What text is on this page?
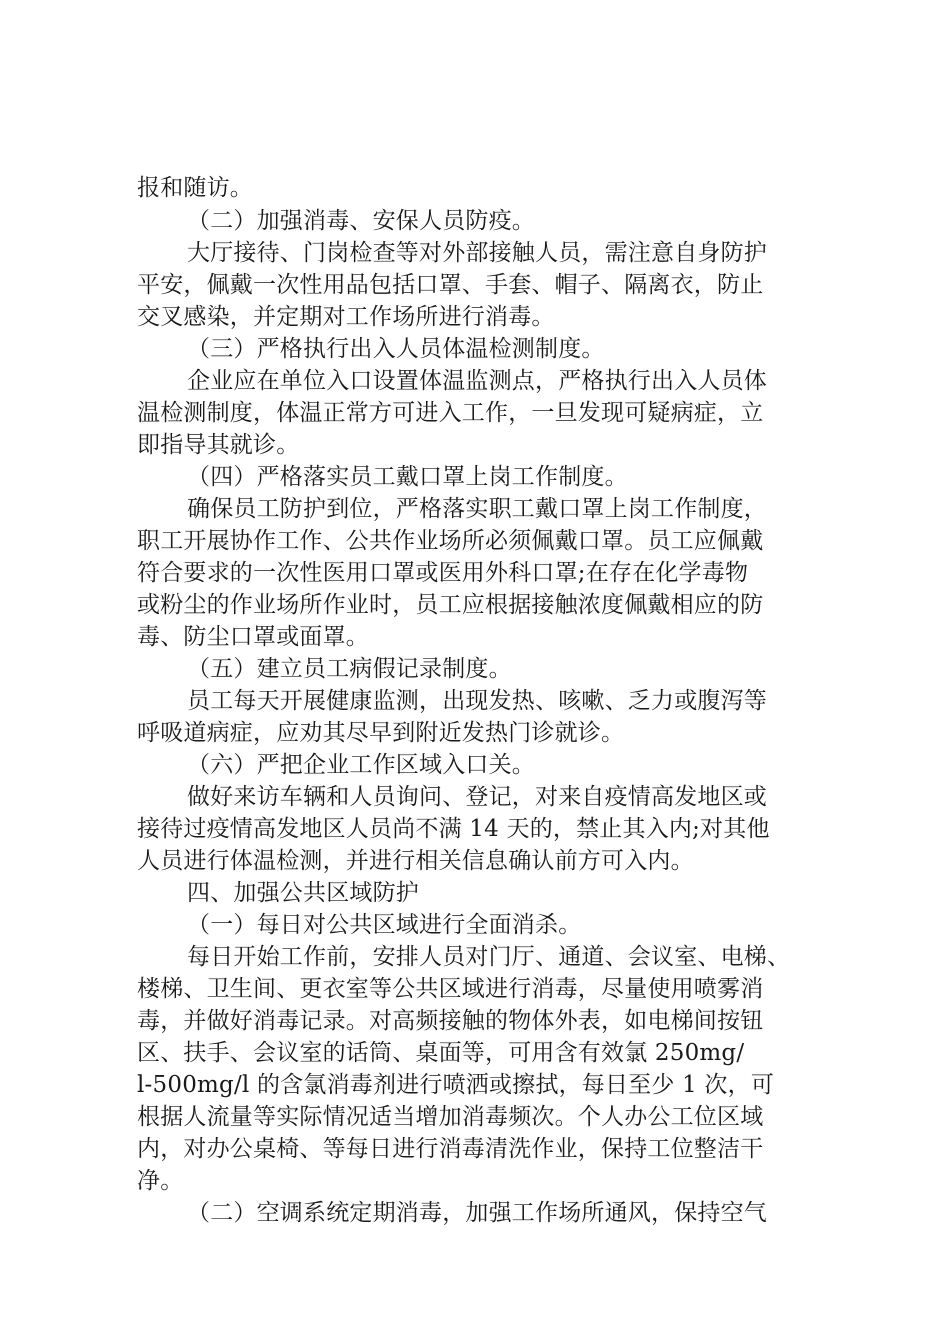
报和随访。
（二）加强消毒、安保人员防疫。
大厅接待、门岗检查等对外部接触人员，需注意自身防护
平安，佩戴一次性用品包括口罩、手套、帽子、隔离衣，防止
交叉感染，并定期对工作场所进行消毒。
（三）严格执行出入人员体温检测制度。
企业应在单位入口设置体温监测点，严格执行出入人员体
温检测制度，体温正常方可进入工作，一旦发现可疑病症，立
即指导其就诊。
（四）严格落实员工戴口罩上岗工作制度。
确保员工防护到位，严格落实职工戴口罩上岗工作制度，
职工开展协作工作、公共作业场所必须佩戴口罩。员工应佩戴
符合要求的一次性医用口罩或医用外科口罩;在存在化学毒物
或粉尘的作业场所作业时，员工应根据接触浓度佩戴相应的防
毒、防尘口罩或面罩。
（五）建立员工病假记录制度。
员工每天开展健康监测，出现发热、咳嗽、乏力或腹泻等
呼吸道病症，应劝其尽早到附近发热门诊就诊。
（六）严把企业工作区域入口关。
做好来访车辆和人员询问、登记，对来自疫情高发地区或
接待过疫情高发地区人员尚不满 14 天的，禁止其入内;对其他
人员进行体温检测，并进行相关信息确认前方可入内。
四、加强公共区域防护
（一）每日对公共区域进行全面消杀。
每日开始工作前，安排人员对门厅、通道、会议室、电梯、
楼梯、卫生间、更衣室等公共区域进行消毒，尽量使用喷雾消
毒，并做好消毒记录。对高频接触的物体外表，如电梯间按钮
区、扶手、会议室的话筒、桌面等，可用含有效氯 250mg/
l-500mg/l 的含氯消毒剂进行喷洒或擦拭，每日至少 1 次，可
根据人流量等实际情况适当增加消毒频次。个人办公工位区域
内，对办公桌椅、等每日进行消毒清洗作业，保持工位整洁干
净。
（二）空调系统定期消毒，加强工作场所通风，保持空气
